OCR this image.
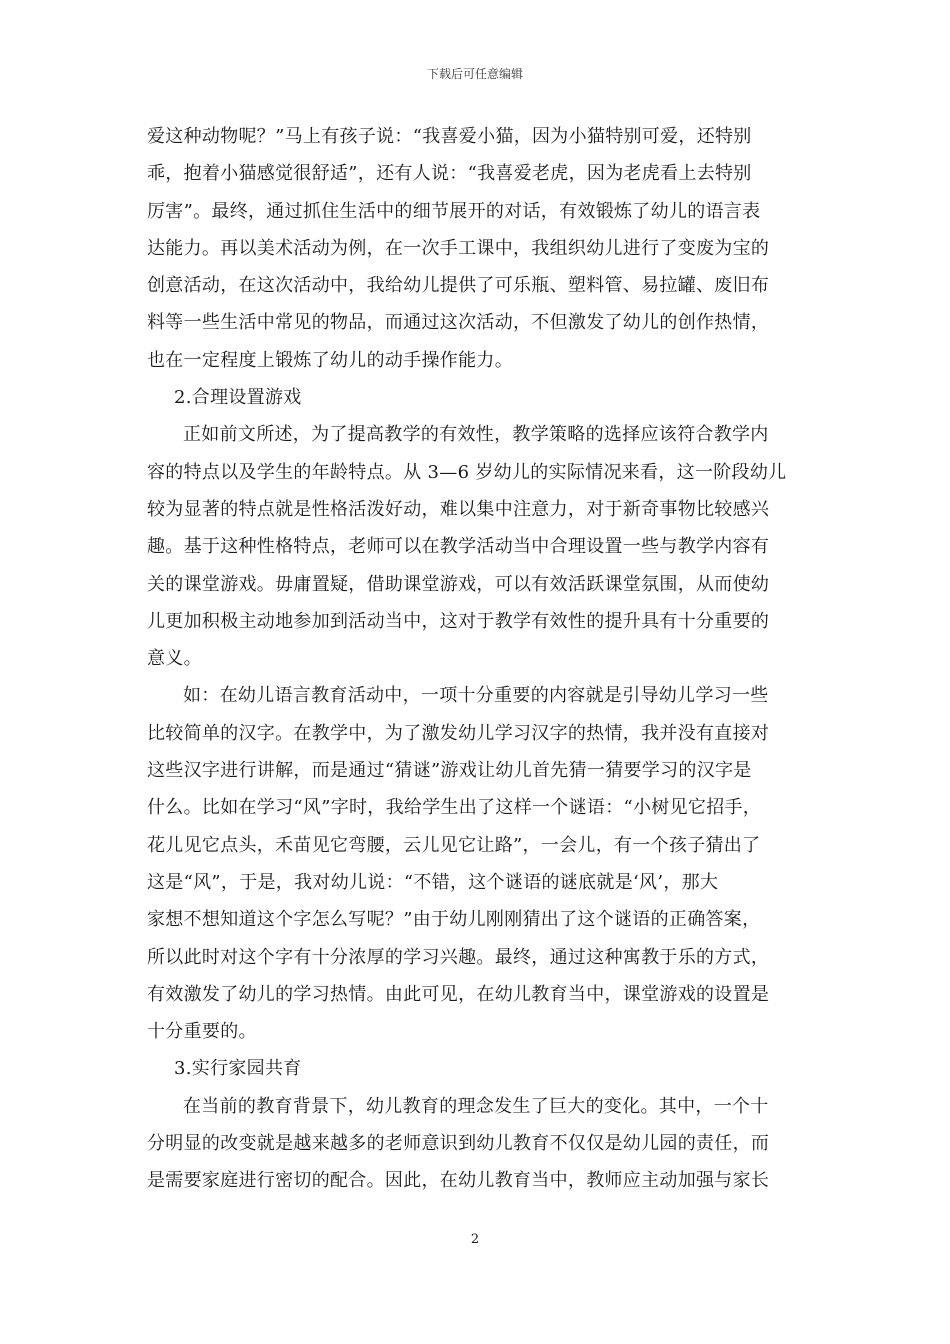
下载后可任意编辑
爱这种动物呢？”马上有孩子说：“我喜爱小猫，因为小猫特别可爱，还特别
乖，抱着小猫感觉很舒适”，还有人说：“我喜爱老虎，因为老虎看上去特别
厉害”。最终，通过抓住生活中的细节展开的对话，有效锻炼了幼儿的语言表
达能力。再以美术活动为例，在一次手工课中，我组织幼儿进行了变废为宝的
创意活动，在这次活动中，我给幼儿提供了可乐瓶、塑料管、易拉罐、废旧布
料等一些生活中常见的物品，而通过这次活动，不但激发了幼儿的创作热情，
也在一定程度上锻炼了幼儿的动手操作能力。
2.合理设置游戏
正如前文所述，为了提高教学的有效性，教学策略的选择应该符合教学内
容的特点以及学生的年龄特点。从 3—6 岁幼儿的实际情况来看，这一阶段幼儿
较为显著的特点就是性格活泼好动，难以集中注意力，对于新奇事物比较感兴
趣。基于这种性格特点，老师可以在教学活动当中合理设置一些与教学内容有
关的课堂游戏。毋庸置疑，借助课堂游戏，可以有效活跃课堂氛围，从而使幼
儿更加积极主动地参加到活动当中，这对于教学有效性的提升具有十分重要的
意义。
如：在幼儿语言教育活动中，一项十分重要的内容就是引导幼儿学习一些
比较简单的汉字。在教学中，为了激发幼儿学习汉字的热情，我并没有直接对
这些汉字进行讲解，而是通过“猜谜”游戏让幼儿首先猜一猜要学习的汉字是
什么。比如在学习“风”字时，我给学生出了这样一个谜语：“小树见它招手，
花儿见它点头，禾苗见它弯腰，云儿见它让路”，一会儿，有一个孩子猜出了
这是“风”，于是，我对幼儿说：“不错，这个谜语的谜底就是‘风’，那大
家想不想知道这个字怎么写呢？”由于幼儿刚刚猜出了这个谜语的正确答案，
所以此时对这个字有十分浓厚的学习兴趣。最终，通过这种寓教于乐的方式，
有效激发了幼儿的学习热情。由此可见，在幼儿教育当中，课堂游戏的设置是
十分重要的。
3.实行家园共育
在当前的教育背景下，幼儿教育的理念发生了巨大的变化。其中，一个十
分明显的改变就是越来越多的老师意识到幼儿教育不仅仅是幼儿园的责任，而
是需要家庭进行密切的配合。因此，在幼儿教育当中，教师应主动加强与家长
2
